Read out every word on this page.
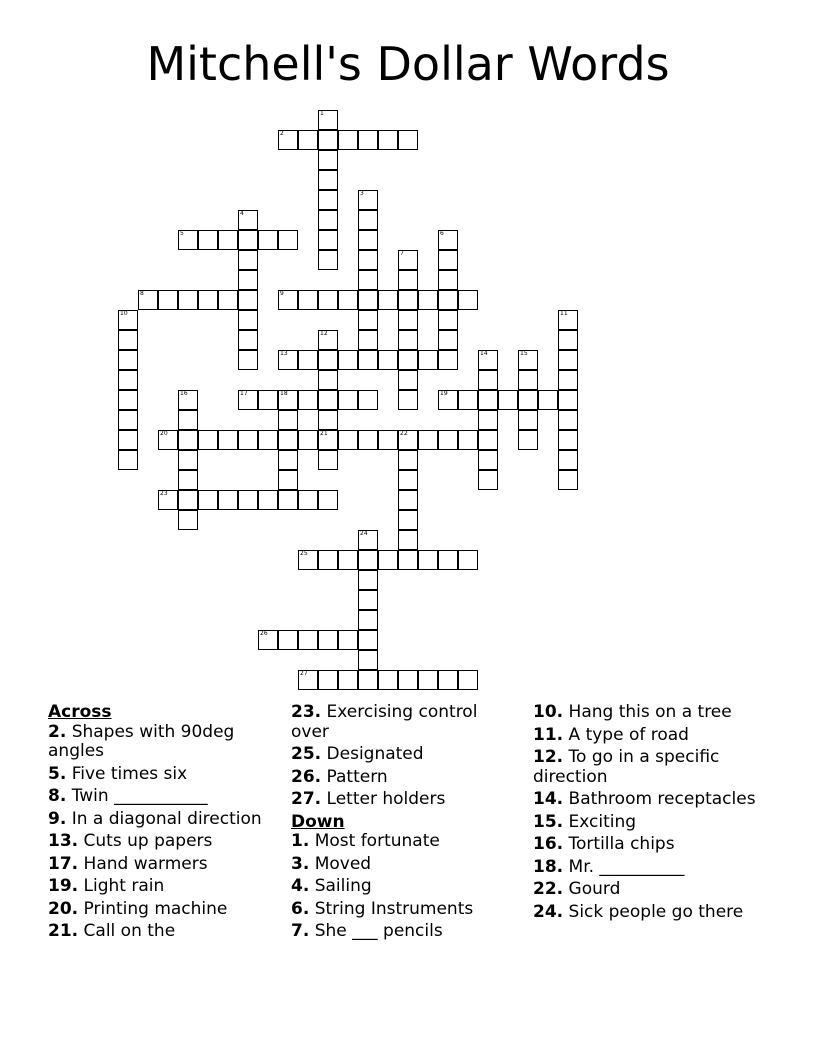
Mitchell's Dollar Words
1
2
3
4
5	6
7
8	9
10	11
12
21
13	14	15
16	17	18	19
20	22
23
24
25
26
27

Across

2. Shapes with 90deg angles

5. Five times six

8. Twin ___________

9. In a diagonal direction

13. Cuts up papers

17. Hand warmers

19. Light rain

20. Printing machine

21. Call on the

23. Exercising control over

25. Designated

26. Pattern

27. Letter holders

Down

1. Most fortunate

3. Moved

4. Sailing

6. String Instruments

7. She ___ pencils

10. Hang this on a tree

11. A type of road

12. To go in a specific direction

14. Bathroom receptacles

15. Exciting

16. Tortilla chips

18. Mr. __________

22. Gourd

24. Sick people go there
